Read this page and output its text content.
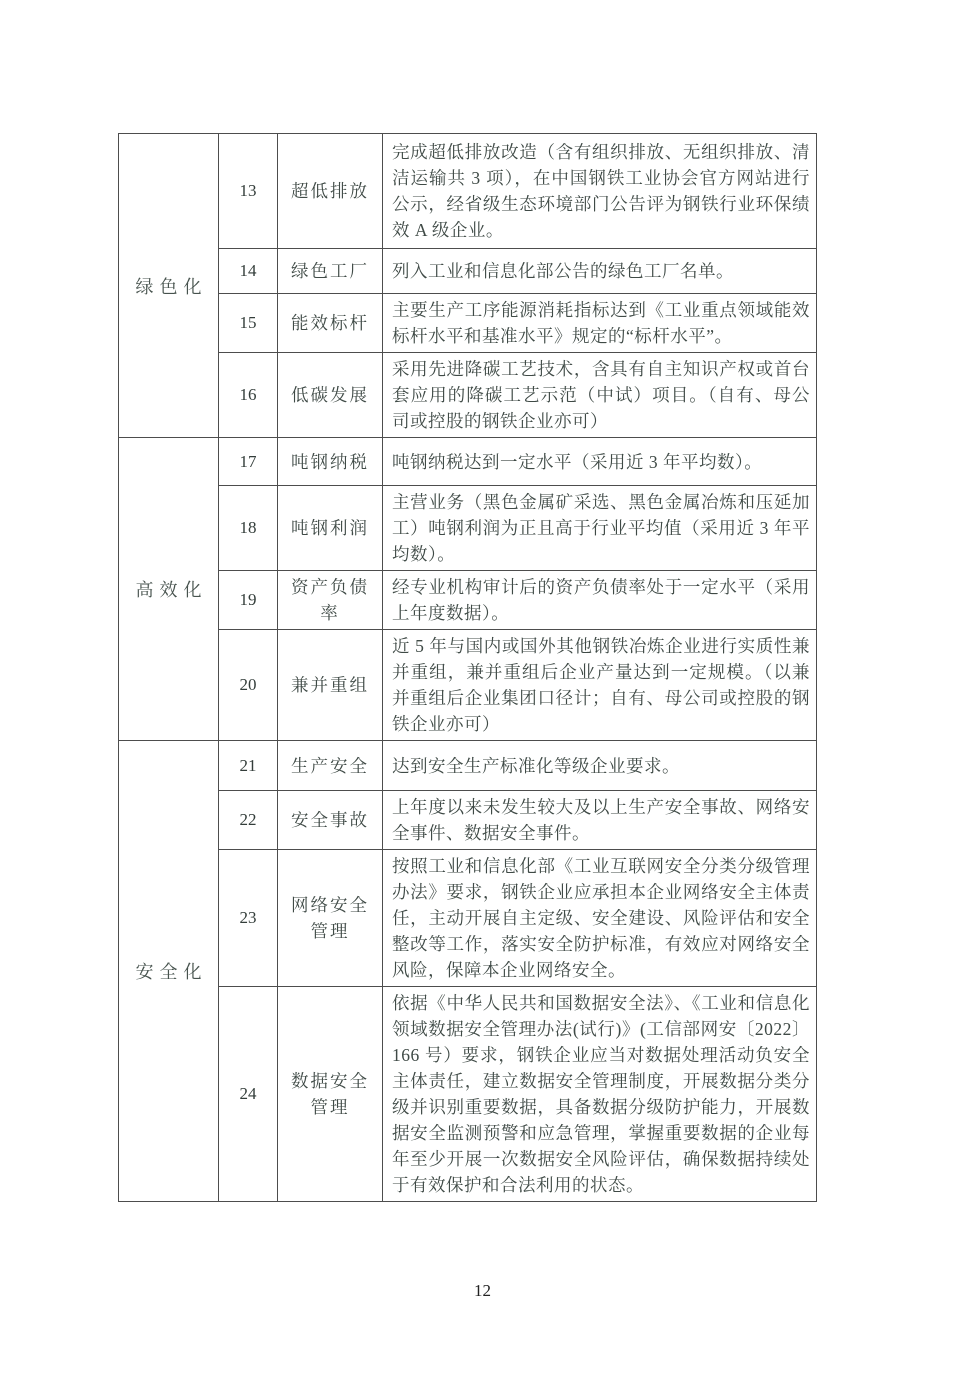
绿色化	13	超低排放	完成超低排放改造（含有组织排放、无组织排放、清洁运输共 3 项），在中国钢铁工业协会官方网站进行公示，经省级生态环境部门公告评为钢铁行业环保绩效 A 级企业。
	14	绿色工厂	列入工业和信息化部公告的绿色工厂名单。
	15	能效标杆	主要生产工序能源消耗指标达到《工业重点领域能效标杆水平和基准水平》规定的“标杆水平”。
	16	低碳发展	采用先进降碳工艺技术，含具有自主知识产权或首台套应用的降碳工艺示范（中试）项目。（自有、母公司或控股的钢铁企业亦可）
高效化	17	吨钢纳税	吨钢纳税达到一定水平（采用近 3 年平均数）。
	18	吨钢利润	主营业务（黑色金属矿采选、黑色金属冶炼和压延加工）吨钢利润为正且高于行业平均值（采用近 3 年平均数）。
	19	资产负债率	经专业机构审计后的资产负债率处于一定水平（采用上年度数据）。
	20	兼并重组	近 5 年与国内或国外其他钢铁冶炼企业进行实质性兼并重组，兼并重组后企业产量达到一定规模。（以兼并重组后企业集团口径计；自有、母公司或控股的钢铁企业亦可）
安全化	21	生产安全	达到安全生产标准化等级企业要求。
	22	安全事故	上年度以来未发生较大及以上生产安全事故、网络安全事件、数据安全事件。
	23	网络安全管理	按照工业和信息化部《工业互联网安全分类分级管理办法》要求，钢铁企业应承担本企业网络安全主体责任，主动开展自主定级、安全建设、风险评估和安全整改等工作，落实安全防护标准，有效应对网络安全风险，保障本企业网络安全。
	24	数据安全管理	依据《中华人民共和国数据安全法》、《工业和信息化领域数据安全管理办法(试行)》(工信部网安〔2022〕166 号）要求，钢铁企业应当对数据处理活动负安全主体责任，建立数据安全管理制度，开展数据分类分级并识别重要数据，具备数据分级防护能力，开展数据安全监测预警和应急管理，掌握重要数据的企业每年至少开展一次数据安全风险评估，确保数据持续处于有效保护和合法利用的状态。
12
